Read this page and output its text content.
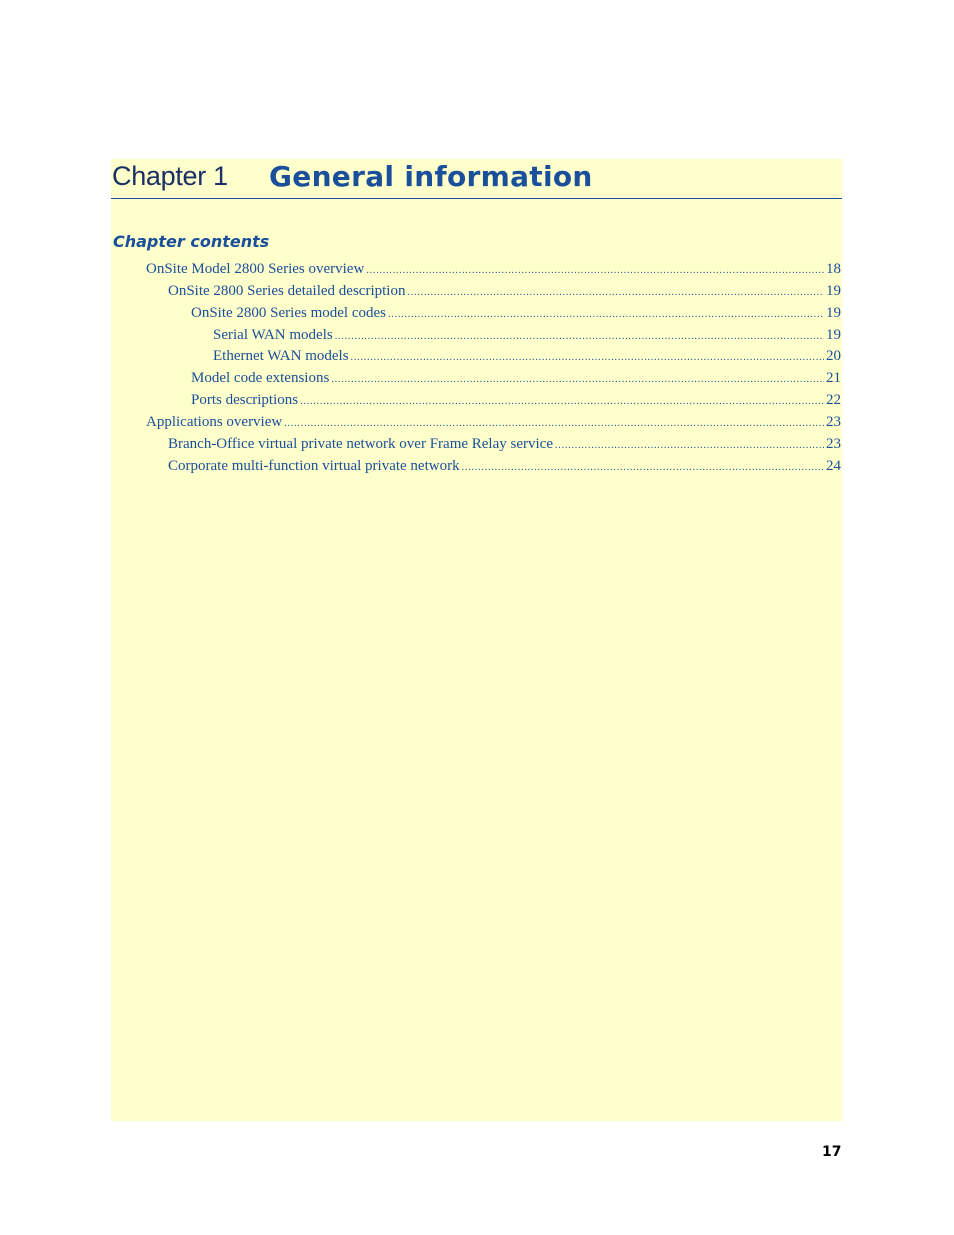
Chapter 1 General information
Chapter contents
OnSite Model 2800 Series overview .....	18
OnSite 2800 Series detailed description .....	19
OnSite 2800 Series model codes .....	19
Serial WAN models .....	19
Ethernet WAN models .....	20
Model code extensions .....	21
Ports descriptions .....	22
Applications overview .....	23
Branch-Office virtual private network over Frame Relay service .....	23
Corporate multi-function virtual private network .....	24
17
